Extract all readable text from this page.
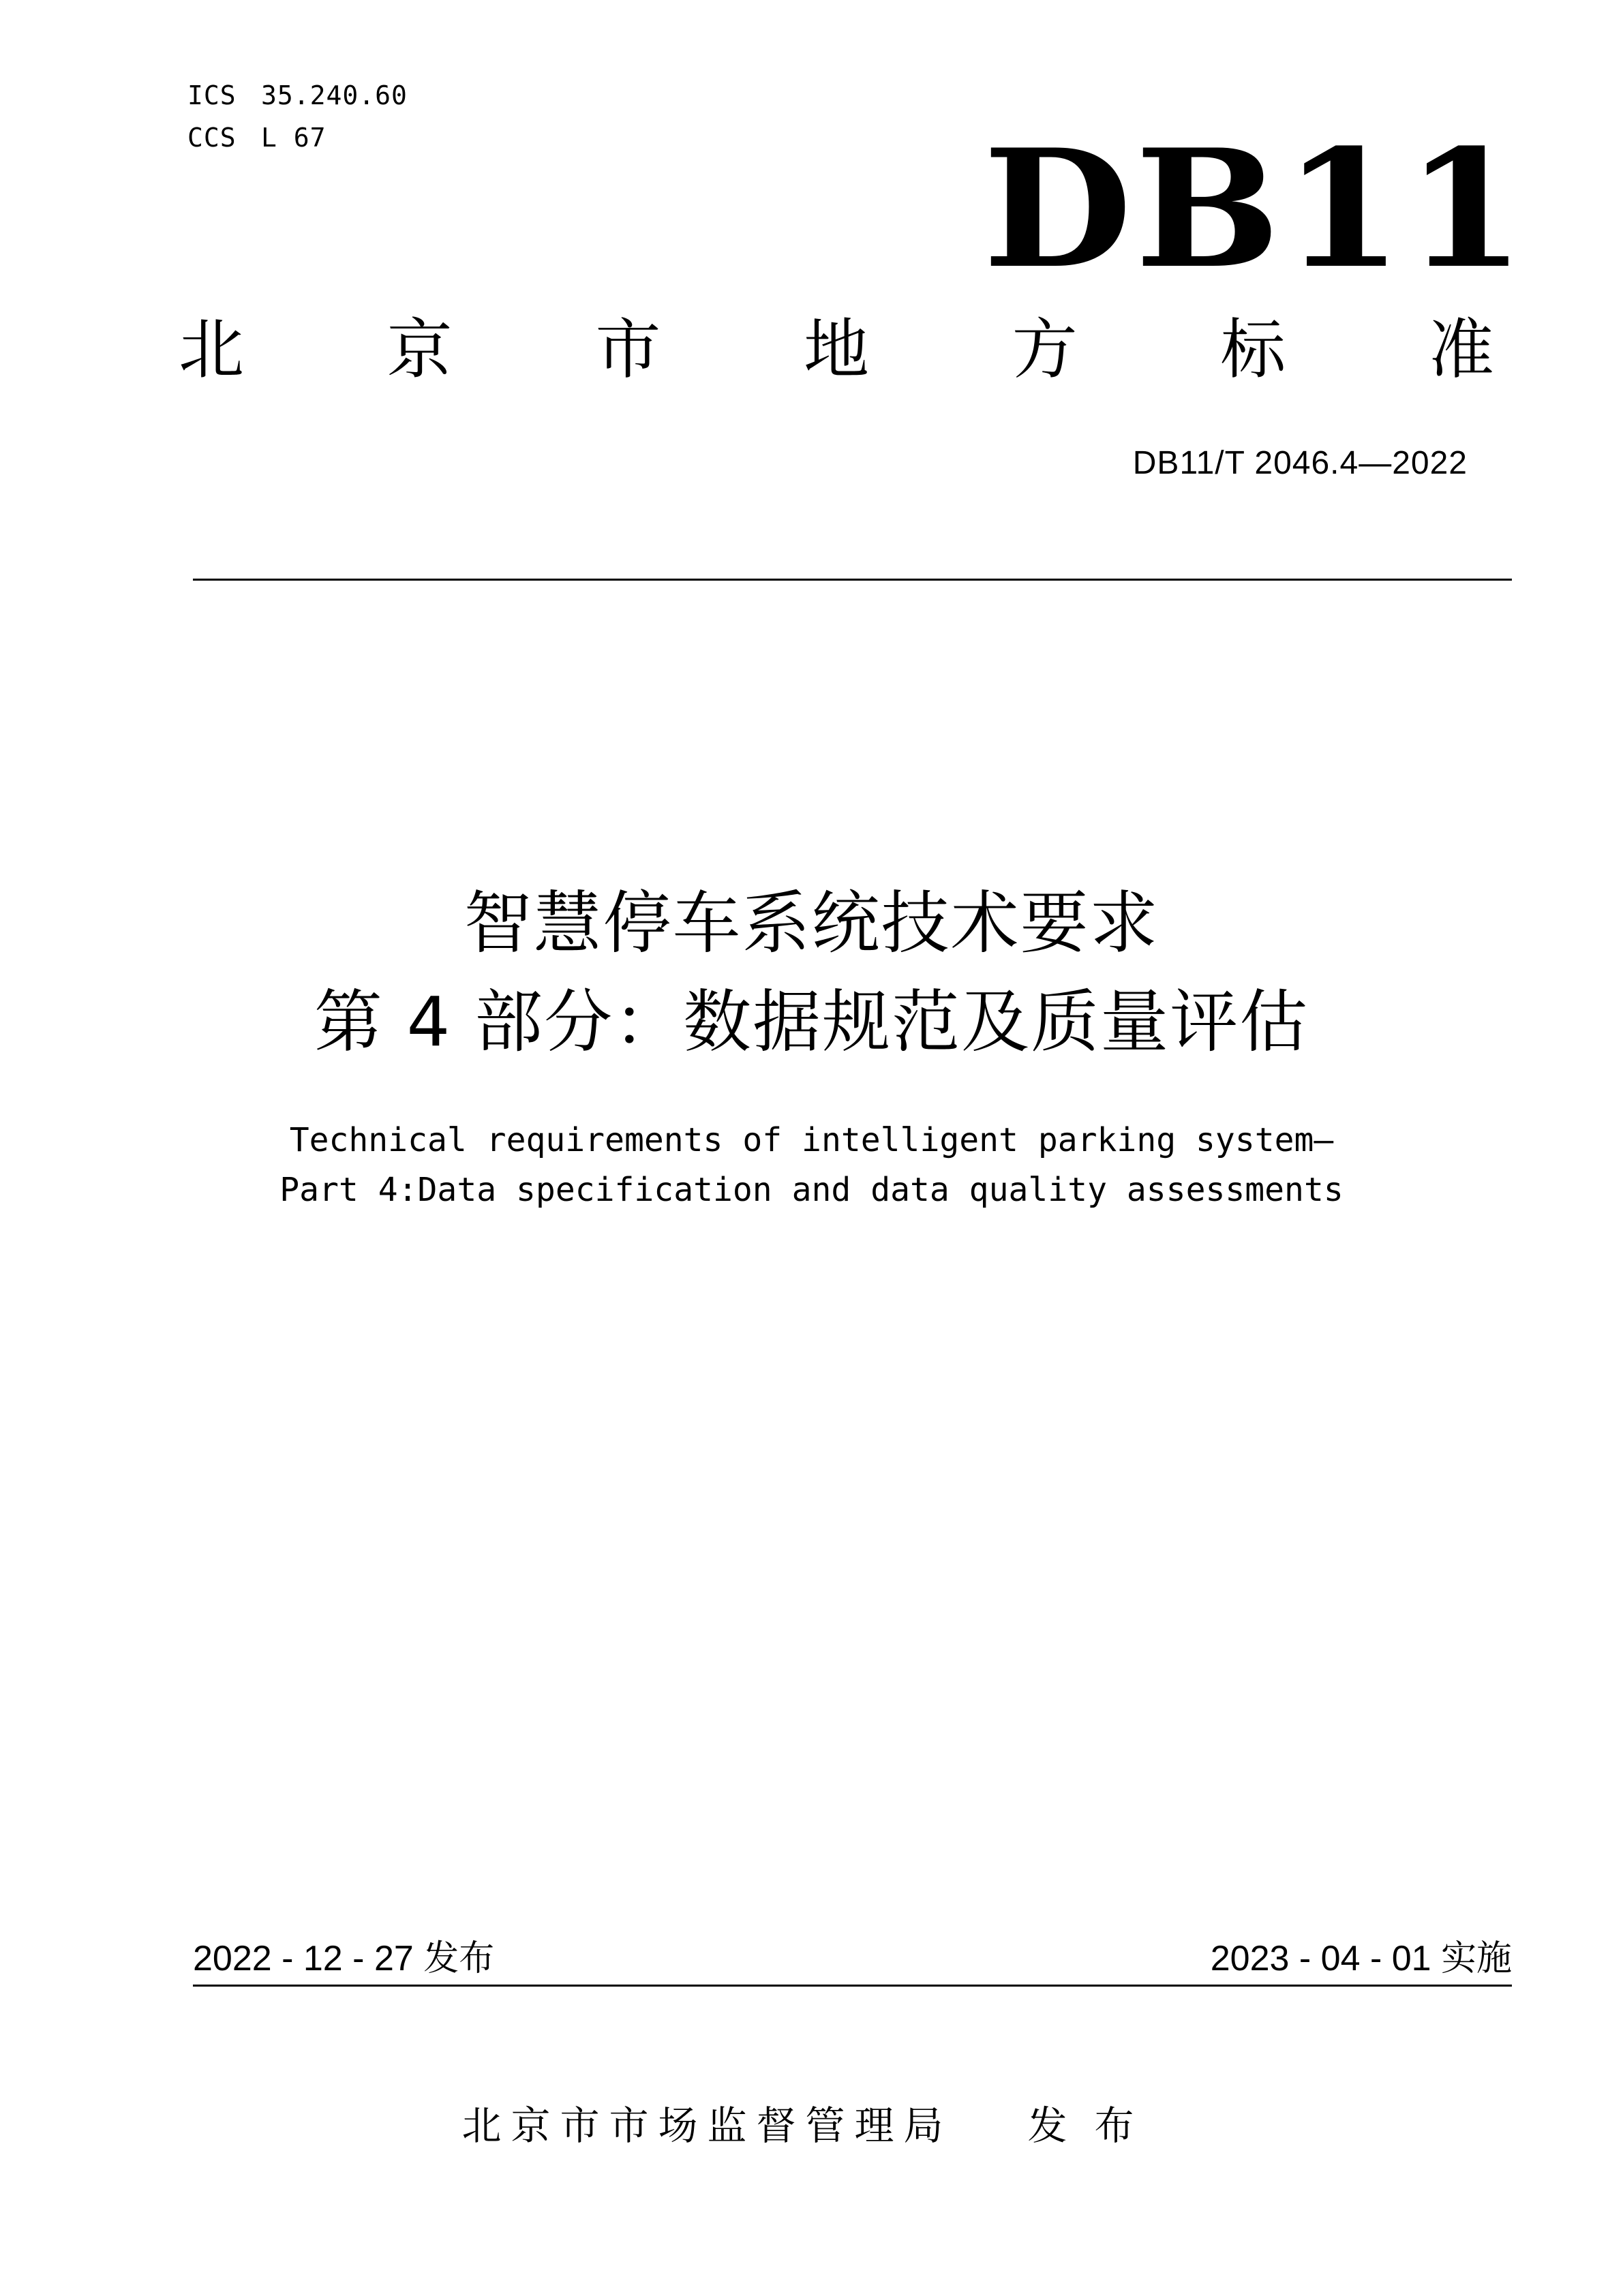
ICS 35.240.60
CCS L 67	DB11
北 京 市 地 方 标 准
DB11/T 2046.4—2022
智慧停车系统技术要求
第 4 部分：数据规范及质量评估
Technical requirements of intelligent parking system—
Part 4:Data specification and data quality assessments
2022 - 12 - 27 发布	2023 - 04 - 01 实施
北京市市场监督管理局 发布
